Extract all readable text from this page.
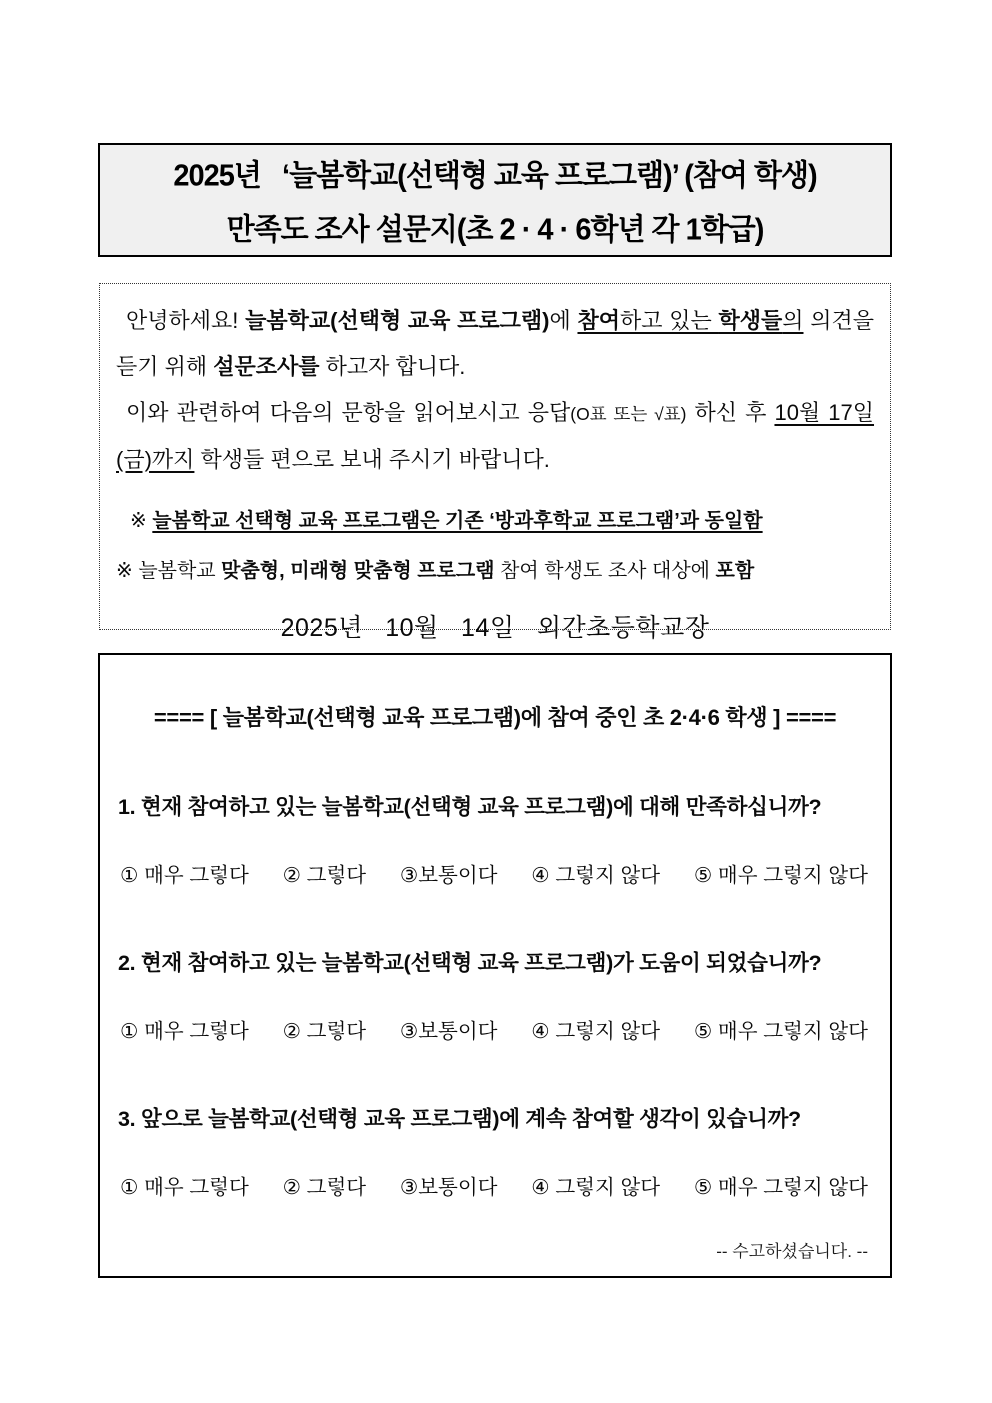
2025년   ‘늘봄학교(선택형 교육 프로그램)’ (참여 학생)
만족도 조사 설문지(초 2 · 4 · 6학년 각 1학급)

안녕하세요! 늘봄학교(선택형 교육 프로그램)에 참여하고 있는 학생들의 의견을 듣기 위해 설문조사를 하고자 합니다.

이와 관련하여 다음의 문항을 읽어보시고 응답(O표 또는 √표) 하신 후 10월 17일(금)까지 학생들 편으로 보내 주시기 바랍니다.

※ 늘봄학교 선택형 교육 프로그램은 기존 ‘방과후학교 프로그램’과 동일함

※ 늘봄학교 맞춤형, 미래형 맞춤형 프로그램 참여 학생도 조사 대상에 포함

2025년   10월   14일   외간초등학교장

==== [ 늘봄학교(선택형 교육 프로그램)에 참여 중인 초 2·4·6 학생 ] ====
1. 현재 참여하고 있는 늘봄학교(선택형 교육 프로그램)에 대해 만족하십니까?
① 매우 그렇다 ② 그렇다 ③보통이다 ④ 그렇지 않다 ⑤ 매우 그렇지 않다
2. 현재 참여하고 있는 늘봄학교(선택형 교육 프로그램)가 도움이 되었습니까?
① 매우 그렇다 ② 그렇다 ③보통이다 ④ 그렇지 않다 ⑤ 매우 그렇지 않다
3. 앞으로 늘봄학교(선택형 교육 프로그램)에 계속 참여할 생각이 있습니까?
① 매우 그렇다 ② 그렇다 ③보통이다 ④ 그렇지 않다 ⑤ 매우 그렇지 않다
-- 수고하셨습니다. --
